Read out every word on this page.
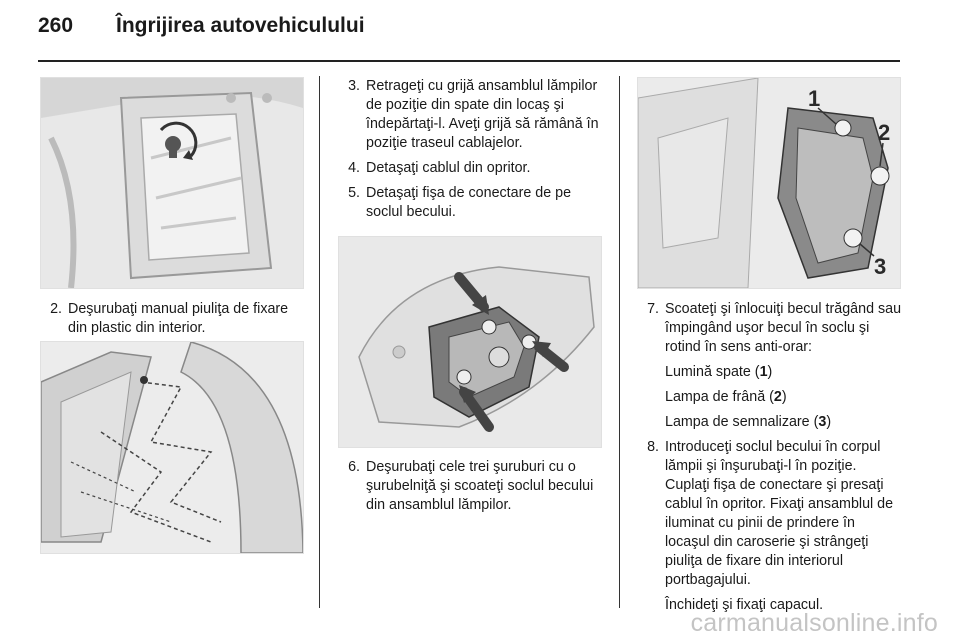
260 Îngrijirea autovehiculului
2. Deşurubaţi manual piuliţa de fixare din plastic din interior.
3. Retrageţi cu grijă ansamblul lămpilor de poziţie din spate din locaş şi îndepărtaţi-l. Aveţi grijă să rămână în poziţie traseul cablajelor.
4. Detaşaţi cablul din opritor.
5. Detaşaţi fişa de conectare de pe soclul becului.
6. Deşurubaţi cele trei şuruburi cu o şurubelniţă şi scoateţi soclul becului din ansamblul lămpilor.
1
2
3
7. Scoateţi şi înlocuiţi becul trăgând sau împingând uşor becul în soclu şi rotind în sens anti-orar:
Lumină spate (1)
Lampa de frână (2)
Lampa de semnalizare (3)
8. Introduceţi soclul becului în corpul lămpii şi înşurubaţi-l în poziţie. Cuplaţi fişa de conectare şi presaţi cablul în opritor. Fixaţi ansamblul de iluminat cu pinii de prindere în locaşul din caroserie şi strângeţi piuliţa de fixare din interiorul portbagajului.
Închideţi şi fixaţi capacul.
carmanualsonline.info
